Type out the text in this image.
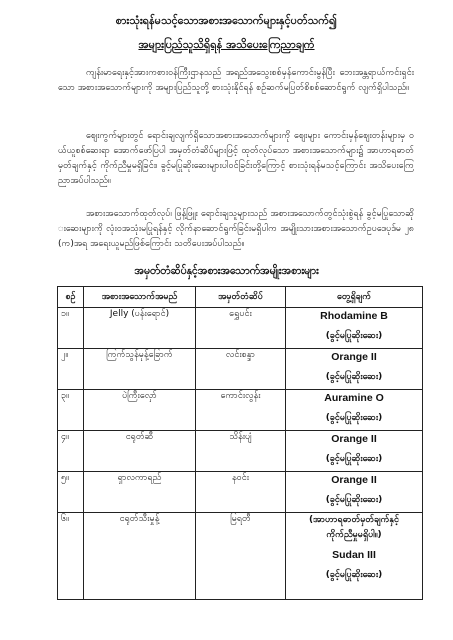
စားသုံးရန်မသင့်သောအစားအသောက်များနှင့်ပတ်သက်၍
အများပြည်သူသိရှိရန် အသိပေးကြေညာချက်
ကျန်းမာရေးနှင့်အားကစားဝန်ကြီးဌာနသည် အရည်အသွေးစစ်မှန်ကောင်းမွန်ပြီး ဘေးအန္တရာယ်ကင်းရှင်းသော အစားအသောက်များကို အများပြည်သူတို့ စားသုံးနိုင်ရန် စဉ်ဆက်မပြတ်စိစစ်ဆောင်ရွက် လျက်ရှိပါသည်။
ဈေးကွက်များတွင် ရောင်းချလျက်ရှိသောအစားအသောက်များကို ဈေးများ ကောင်းမှန်ဈေးတန်းများမှ ဝယ်ယူစစ်ဆေးရာ အောက်ဖော်ပြပါ အမှတ်တံဆိပ်များဖြင့် ထုတ်လုပ်သော အစားအသောက်များ၌ အာဟာရဓာတ်မှတ်ချက်နှင့် ကိုက်ညီမှုမရှိခြင်း၊ ခွင့်မပြုဆိုးဆေးများပါဝင်ခြင်းတို့ကြောင့် စားသုံးရန်မသင့်ကြောင်း အသိပေးကြေညာအပ်ပါသည်။
အစားအသောက်ထုတ်လုပ်၊ ဖြန့်ဖြူး ရောင်းချသူများသည် အစားအသောက်တွင်သုံးစွဲရန် ခွင့်မပြုသောဆိုးဆေးများကို လုံးဝအသုံးမပြုရန်နှင့် လိုက်နာဆောင်ရွက်ခြင်းမရှိပါက အမျိုးသားအစားအသောက်ဥပဒေပုဒ်မ ၂၈(က)အရ အရေးယူမည်ဖြစ်ကြောင်း သတိပေးအပ်ပါသည်။
အမှတ်တံဆိပ်နှင့်အစားအသောက်အမျိုးအစားများ
စဉ်	အစားအသောက်အမည်	အမှတ်တံဆိပ်	တွေ့ရှိချက်
၁။	Jelly (ပန်းရောင်)	ရွှေပင်း	Rhodamine B
(ခွင့်မပြုဆိုးဆေး)

၂။	ကြက်သွန်မုန့်ခြောက်	လင်းစန္ဒာ	Orange II
(ခွင့်မပြုဆိုးဆေး)

၃။	ပဲကြီးလှော်	ကောင်းလွန်း	Auramine O
(ခွင့်မပြုဆိုးဆေး)

၄။	ငရုတ်ဆီ	သိန်းပျံ	Orange II
(ခွင့်မပြုဆိုးဆေး)

၅။	ရှာလကာရည်	နဝင်း	Orange II
(ခွင့်မပြုဆိုးဆေး)

၆။	ငရုတ်သီးမှုန့်	မြရတီ	(အာဟာရဓာတ်မှတ်ချက်နှင့်
ကိုက်ညီမှုမရှိပါ။)
Sudan III
(ခွင့်မပြုဆိုးဆေး)
